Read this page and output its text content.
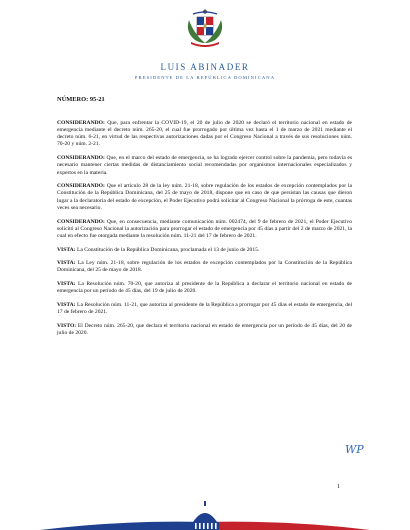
LUIS ABINADER
PRESIDENTE DE LA REPÚBLICA DOMINICANA
NÚMERO: 95-21

CONSIDERANDO: Que, para enfrentar la COVID-19, el 20 de julio de 2020 se declaró el territorio nacional en estado de emergencia mediante el decreto núm. 265-20, el cual fue prorrogado por última vez hasta el 1 de marzo de 2021 mediante el decreto núm. 6-21, en virtud de las respectivas autorizaciones dadas por el Congreso Nacional a través de sus resoluciones núm. 70-20 y núm. 2-21.

CONSIDERANDO: Que, en el marco del estado de emergencia, se ha logrado ejercer control sobre la pandemia, pero todavía es necesario mantener ciertas medidas de distanciamiento social recomendadas por organismos internacionales especializados y expertos en la materia.

CONSIDERANDO: Que el artículo 28 de la ley núm. 21-18, sobre regulación de los estados de excepción contemplados por la Constitución de la República Dominicana, del 25 de mayo de 2018, dispone que en caso de que persistan las causas que dieron lugar a la declaratoria del estado de excepción, el Poder Ejecutivo podrá solicitar al Congreso Nacional la prórroga de este, cuantas veces sea necesario.

CONSIDERANDO: Que, en consecuencia, mediante comunicación núm. 002474, del 9 de febrero de 2021, el Poder Ejecutivo solicitó al Congreso Nacional la autorización para prorrogar el estado de emergencia por 45 días a partir del 2 de marzo de 2021, la cual en efecto fue otorgada mediante la resolución núm. 11-21 del 17 de febrero de 2021.

VISTA: La Constitución de la República Dominicana, proclamada el 13 de junio de 2015.

VISTA: La Ley núm. 21-18, sobre regulación de los estados de excepción contemplados por la Constitución de la República Dominicana, del 25 de mayo de 2018.

VISTA: La Resolución núm. 70-20, que autoriza al presidente de la República a declarar el territorio nacional en estado de emergencia por un período de 45 días, del 19 de julio de 2020.

VISTA: La Resolución núm. 11-21, que autoriza al presidente de la República a prorrogar por 45 días el estado de emergencia, del 17 de febrero de 2021.

VISTO: El Decreto núm. 265-20, que declara el territorio nacional en estado de emergencia por un período de 45 días, del 20 de julio de 2020.

WP
1
